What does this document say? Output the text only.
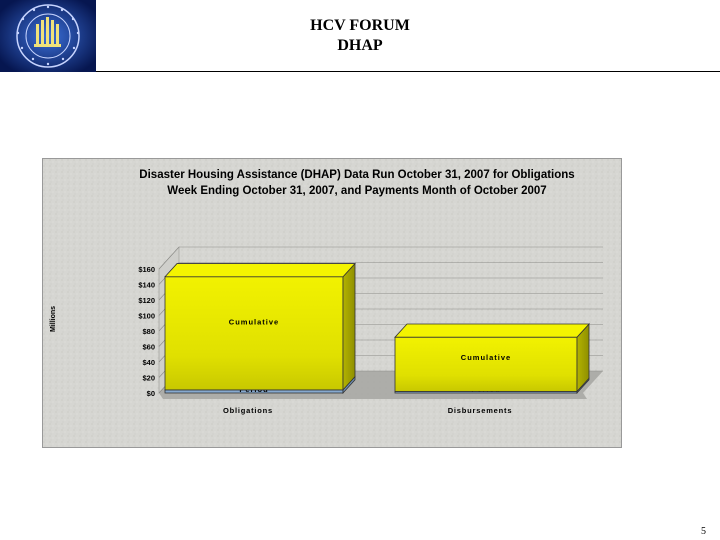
HCV FORUM
DHAP
Disaster Housing Assistance (DHAP) Data Run October 31, 2007 for Obligations
Week Ending October 31, 2007, and Payments Month of October 2007
Millions
$0
$20
$40
$60
$80
$100
$120
$140
$160
Cumulative
Obligations
Cumulative
Disbursements
5
